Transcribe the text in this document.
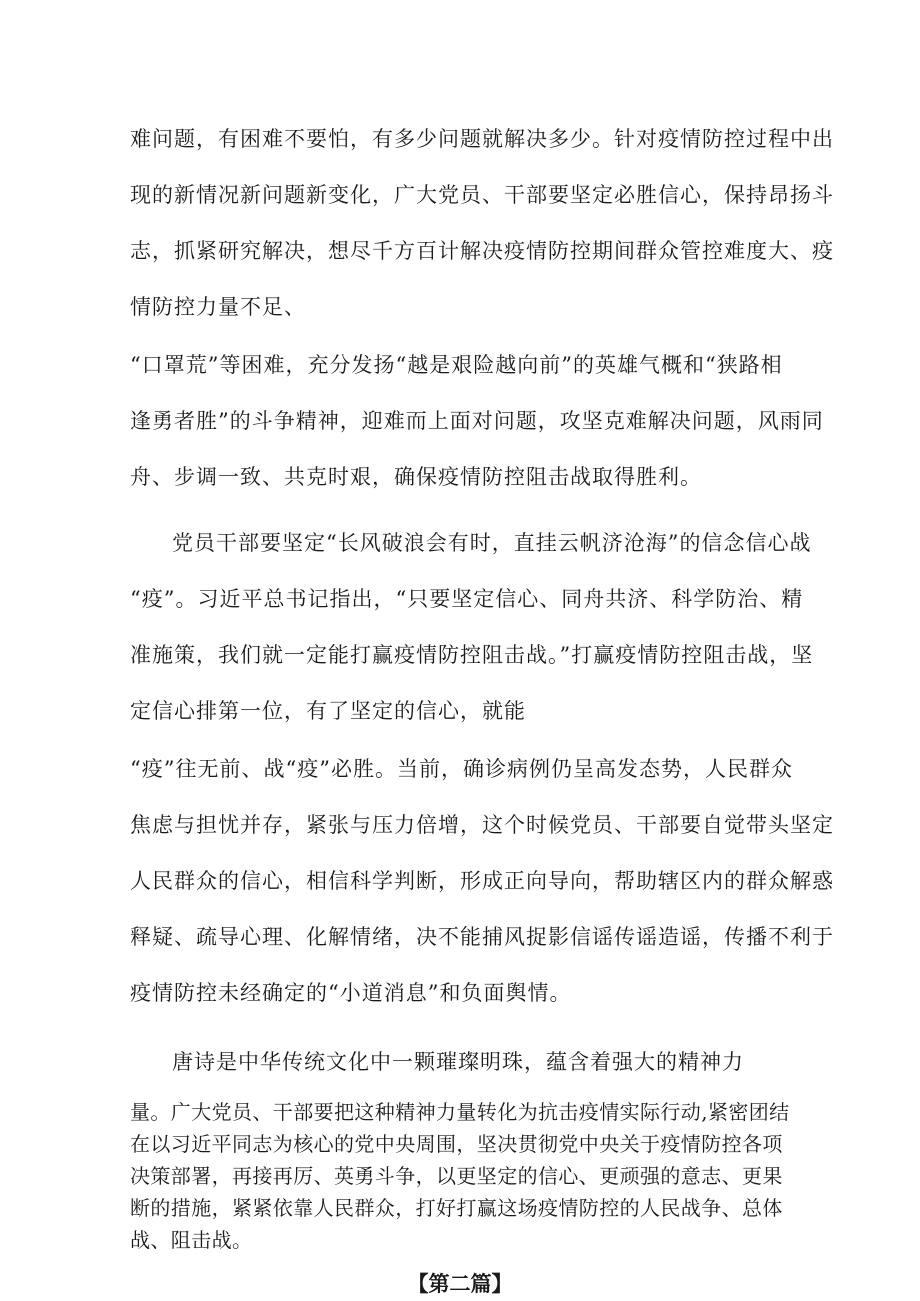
难问题，有困难不要怕，有多少问题就解决多少。针对疫情防控过程中出
现的新情况新问题新变化，广大党员、干部要坚定必胜信心，保持昂扬斗
志，抓紧研究解决，想尽千方百计解决疫情防控期间群众管控难度大、疫
情防控力量不足、
“口罩荒”等困难，充分发扬“越是艰险越向前”的英雄气概和“狭路相
逢勇者胜”的斗争精神，迎难而上面对问题，攻坚克难解决问题，风雨同
舟、步调一致、共克时艰，确保疫情防控阻击战取得胜利。
党员干部要坚定“长风破浪会有时，直挂云帆济沧海”的信念信心战
“疫”。习近平总书记指出，“只要坚定信心、同舟共济、科学防治、精
准施策，我们就一定能打赢疫情防控阻击战。”打赢疫情防控阻击战，坚
定信心排第一位，有了坚定的信心，就能
“疫”往无前、战“疫”必胜。当前，确诊病例仍呈高发态势，人民群众
焦虑与担忧并存，紧张与压力倍增，这个时候党员、干部要自觉带头坚定
人民群众的信心，相信科学判断，形成正向导向，帮助辖区内的群众解惑
释疑、疏导心理、化解情绪，决不能捕风捉影信谣传谣造谣，传播不利于
疫情防控未经确定的“小道消息”和负面舆情。
唐诗是中华传统文化中一颗璀璨明珠，蕴含着强大的精神力
量。广大党员、干部要把这种精神力量转化为抗击疫情实际行动,紧密团结
在以习近平同志为核心的党中央周围，坚决贯彻党中央关于疫情防控各项
决策部署，再接再厉、英勇斗争，以更坚定的信心、更顽强的意志、更果
断的措施，紧紧依靠人民群众，打好打赢这场疫情防控的人民战争、总体
战、阻击战。
【第二篇】
